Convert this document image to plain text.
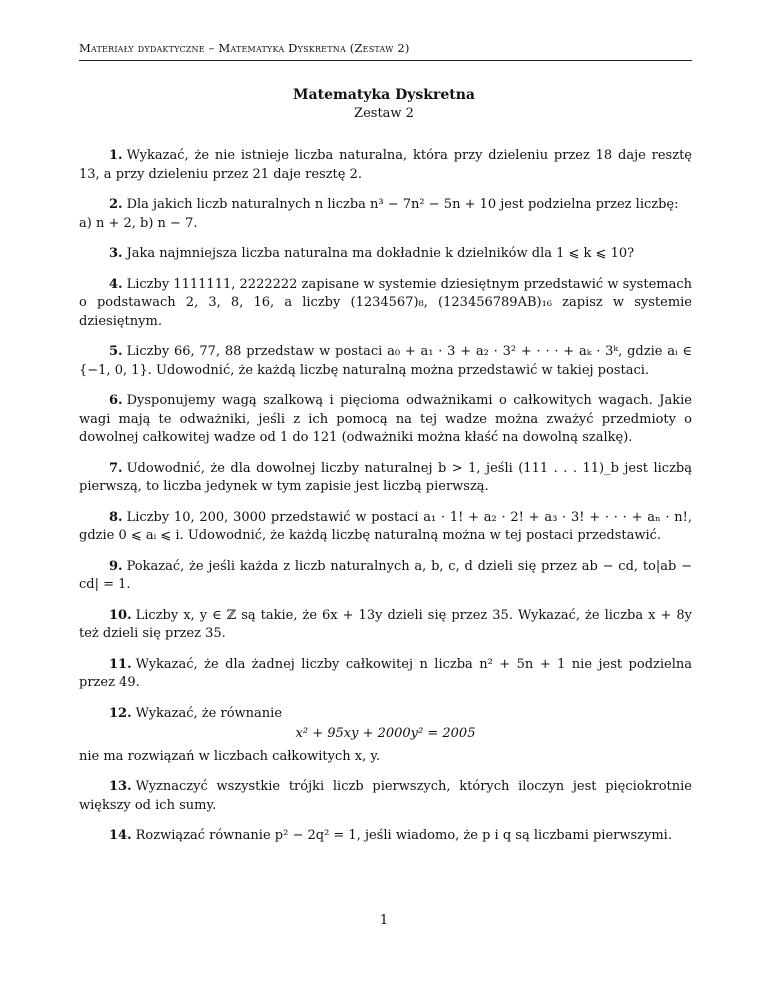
Materiały dydaktyczne – Matematyka Dyskretna (Zestaw 2)
Matematyka Dyskretna
Zestaw 2

1. Wykazać, że nie istnieje liczba naturalna, która przy dzieleniu przez 18 daje resztę 13, a przy dzieleniu przez 21 daje resztę 2.

2. Dla jakich liczb naturalnych n liczba n³ − 7n² − 5n + 10 jest podzielna przez liczbę:
a) n + 2, b) n − 7.

3. Jaka najmniejsza liczba naturalna ma dokładnie k dzielników dla 1 ⩽ k ⩽ 10?

4. Liczby 1111111, 2222222 zapisane w systemie dziesiętnym przedstawić w systemach o podstawach 2, 3, 8, 16, a liczby (1234567)₈, (123456789AB)₁₆ zapisz w systemie dziesiętnym.

5. Liczby 66, 77, 88 przedstaw w postaci a₀ + a₁ · 3 + a₂ · 3² + · · · + aₖ · 3ᵏ, gdzie aᵢ ∈ {−1, 0, 1}. Udowodnić, że każdą liczbę naturalną można przedstawić w takiej postaci.

6. Dysponujemy wagą szalkową i pięcioma odważnikami o całkowitych wagach. Jakie wagi mają te odważniki, jeśli z ich pomocą na tej wadze można zważyć przedmioty o dowolnej całkowitej wadze od 1 do 121 (odważniki można kłaść na dowolną szalkę).

7. Udowodnić, że dla dowolnej liczby naturalnej b > 1, jeśli (111 . . . 11)_b jest liczbą pierwszą, to liczba jedynek w tym zapisie jest liczbą pierwszą.

8. Liczby 10, 200, 3000 przedstawić w postaci a₁ · 1! + a₂ · 2! + a₃ · 3! + · · · + aₙ · n!, gdzie 0 ⩽ aᵢ ⩽ i. Udowodnić, że każdą liczbę naturalną można w tej postaci przedstawić.

9. Pokazać, że jeśli każda z liczb naturalnych a, b, c, d dzieli się przez ab − cd, to|ab − cd| = 1.

10. Liczby x, y ∈ ℤ są takie, że 6x + 13y dzieli się przez 35. Wykazać, że liczba x + 8y też dzieli się przez 35.

11. Wykazać, że dla żadnej liczby całkowitej n liczba n² + 5n + 1 nie jest podzielna przez 49.

12. Wykazać, że równanie
x² + 95xy + 2000y² = 2005
nie ma rozwiązań w liczbach całkowitych x, y.

13. Wyznaczyć wszystkie trójki liczb pierwszych, których iloczyn jest pięciokrotnie większy od ich sumy.

14. Rozwiązać równanie p² − 2q² = 1, jeśli wiadomo, że p i q są liczbami pierwszymi.

1
